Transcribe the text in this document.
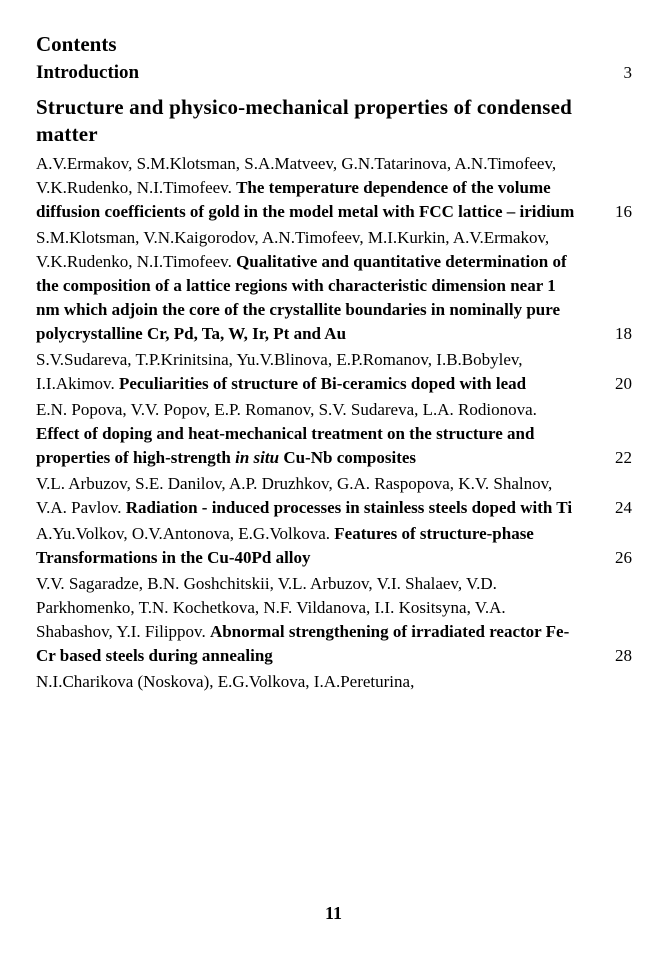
Contents
Introduction	3
Structure and physico-mechanical properties of condensed matter
A.V.Ermakov, S.M.Klotsman, S.A.Matveev, G.N.Tatarinova, A.N.Timofeev, V.K.Rudenko, N.I.Timofeev. The temperature dependence of the volume diffusion coefficients of gold in the model metal with FCC lattice – iridium	16
S.M.Klotsman, V.N.Kaigorodov, A.N.Timofeev, M.I.Kurkin, A.V.Ermakov, V.K.Rudenko, N.I.Timofeev. Qualitative and quantitative determination of the composition of a lattice regions with characteristic dimension near 1 nm which adjoin the core of the crystallite boundaries in nominally pure polycrystalline Cr, Pd, Ta, W, Ir, Pt and Au	18
S.V.Sudareva, T.P.Krinitsina, Yu.V.Blinova, E.P.Romanov, I.B.Bobylev, I.I.Akimov. Peculiarities of structure of Bi-ceramics doped with lead	20
E.N. Popova, V.V. Popov, E.P. Romanov, S.V. Sudareva, L.A. Rodionova. Effect of doping and heat-mechanical treatment on the structure and properties of high-strength in situ Cu-Nb composites	22
V.L. Arbuzov, S.E. Danilov, A.P. Druzhkov, G.A. Raspopova, K.V. Shalnov, V.A. Pavlov. Radiation - induced processes in stainless steels doped with Ti	24
A.Yu.Volkov, O.V.Antonova, E.G.Volkova. Features of structure-phase Transformations in the Cu-40Pd alloy	26
V.V. Sagaradze, B.N. Goshchitskii, V.L. Arbuzov, V.I. Shalaev, V.D. Parkhomenko, T.N. Kochetkova, N.F. Vildanova, I.I. Kositsyna, V.A. Shabashov, Y.I. Filippov. Abnormal strengthening of irradiated reactor Fe-Cr based steels during annealing	28
N.I.Charikova (Noskova), E.G.Volkova, I.A.Pereturina,
11
